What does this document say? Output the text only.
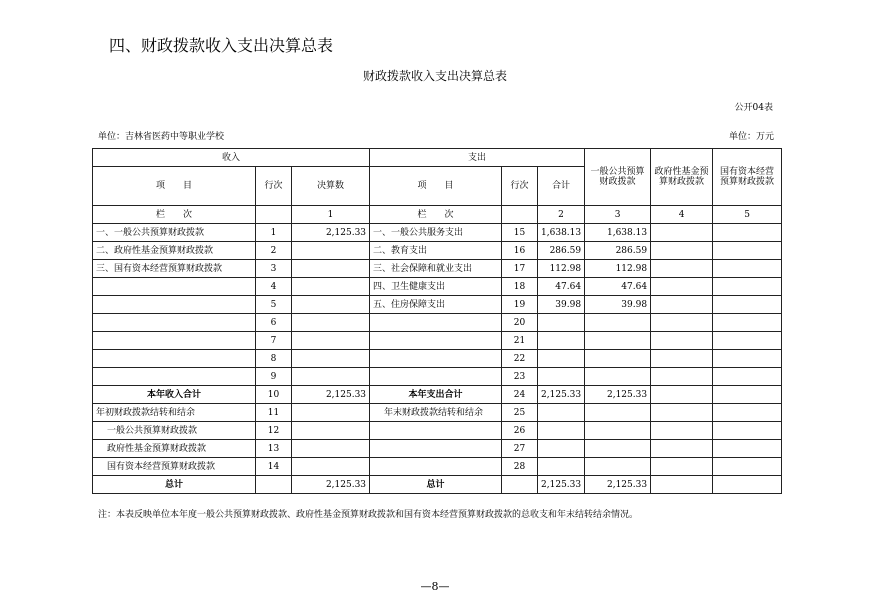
四、财政拨款收入支出决算总表
财政拨款收入支出决算总表
公开04表
单位：吉林省医药中等职业学校	单位：万元
收入			支出			一般公共预算财政拨款	政府性基金预算财政拨款	国有资本经营预算财政拨款
项　　目	行次	决算数	项　　目	行次	合计			
栏　　次		1	栏　　次		2	3	4	5
一、一般公共预算财政拨款	1	2,125.33	一、一般公共服务支出	15	1,638.13	1,638.13		
二、政府性基金预算财政拨款	2		二、教育支出	16	286.59	286.59		
三、国有资本经营预算财政拨款	3		三、社会保障和就业支出	17	112.98	112.98		
	4		四、卫生健康支出	18	47.64	47.64		
	5		五、住房保障支出	19	39.98	39.98		
	6			20				
	7			21				
	8			22				
	9			23				
本年收入合计	10	2,125.33	本年支出合计	24	2,125.33	2,125.33		
年初财政拨款结转和结余	11		年末财政拨款结转和结余	25				
一般公共预算财政拨款	12			26				
政府性基金预算财政拨款	13			27				
国有资本经营预算财政拨款	14			28				
总计		2,125.33	总计		2,125.33	2,125.33		
注：本表反映单位本年度一般公共预算财政拨款、政府性基金预算财政拨款和国有资本经营预算财政拨款的总收支和年末结转结余情况。
—8—
